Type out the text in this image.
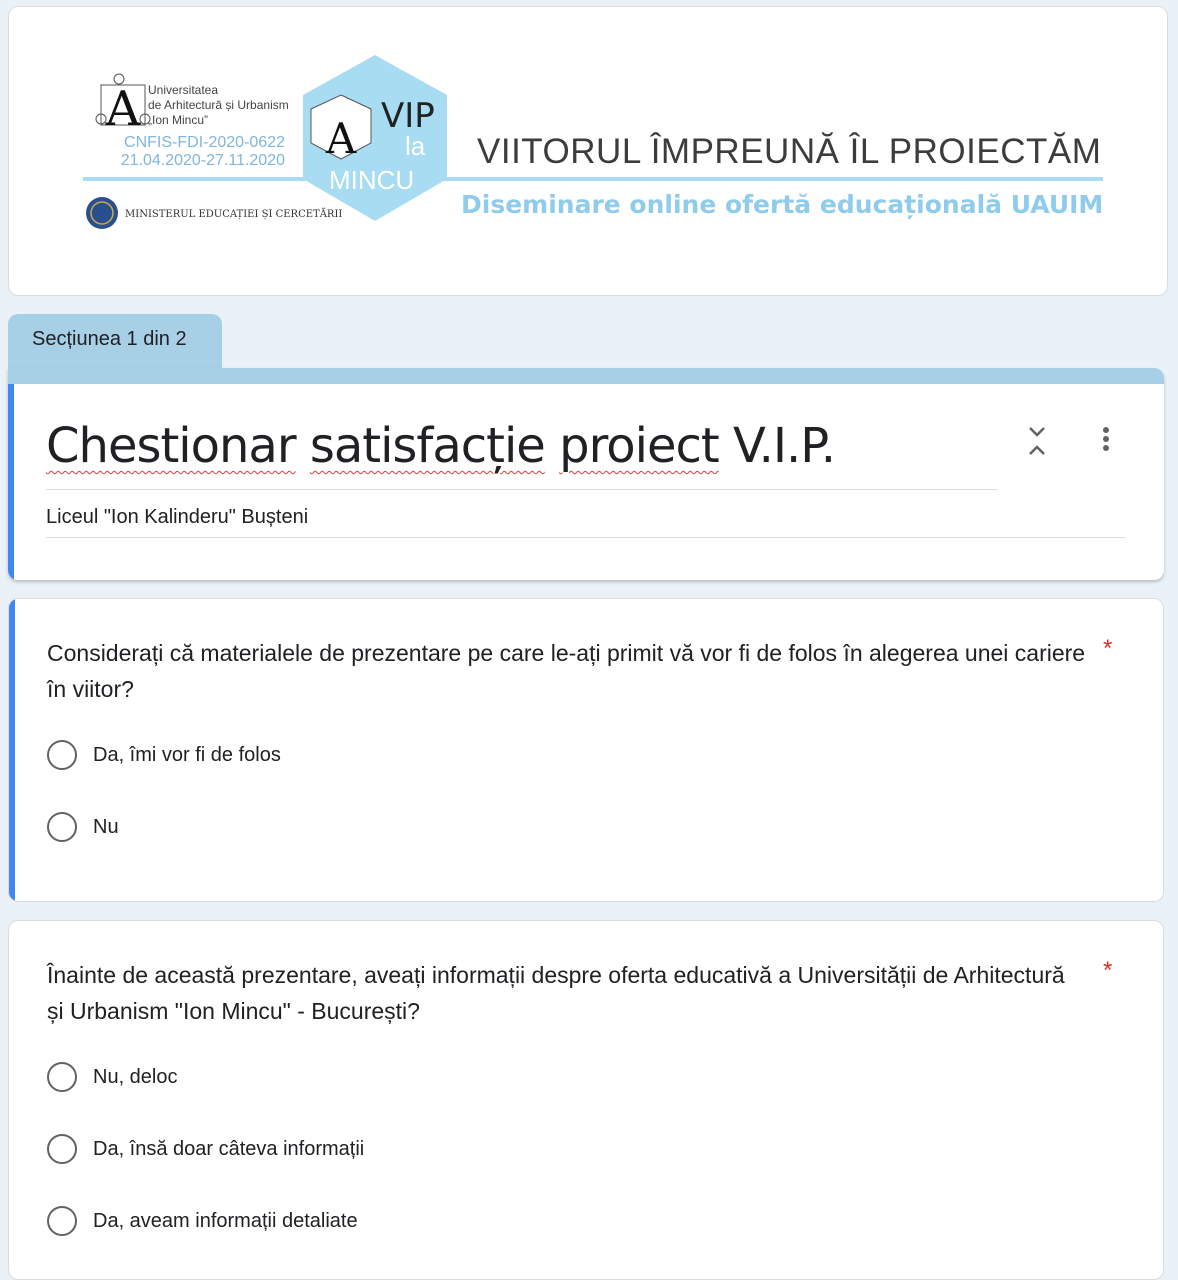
A Universitatea
de Arhitectură și Urbanism
„Ion Mincu”
CNFIS-FDI-2020-0622
21.04.2020-27.11.2020
MINISTERUL EDUCAȚIEI ȘI CERCETĂRII
A VIP
la
MINCU
VIITORUL ÎMPREUNĂ ÎL PROIECTĂM
Diseminare online ofertă educațională UAUIM
Secțiunea 1 din 2
Chestionar satisfacție proiect V.I.P.
Liceul "Ion Kalinderu" Bușteni
Considerați că materialele de prezentare pe care le-ați primit vă vor fi de folos în alegerea unei cariere în viitor?
*
Da, îmi vor fi de folos
Nu
Înainte de această prezentare, aveați informații despre oferta educativă a Universității de Arhitectură și Urbanism "Ion Mincu" - București?
*
Nu, deloc
Da, însă doar câteva informații
Da, aveam informații detaliate
